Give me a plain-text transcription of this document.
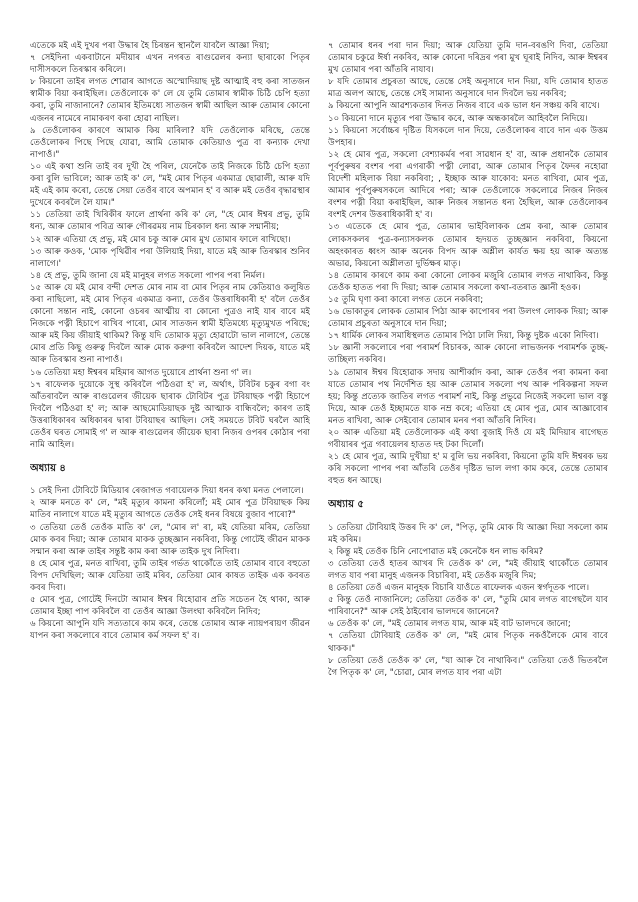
এতেকে মই এই দুখৰ পৰা উদ্ধাৰ হৈ চিৰন্তন স্থানলৈ যাবলৈ আজ্ঞা দিয়া;

৭ সেইদিনা একবাটানে মদীয়াৰ এখন নগৰত ৰাগুৱেলৰ কন্যা ছাৰাকো পিতৃৰ দাসীসকলে তিৰস্কাৰ কৰিলে।

৮ কিয়নো তাইৰ লগত শোৱাৰ আগতে অস্মোদিয়াছ দুষ্ট আত্মাই বহু কৰা সাতজন স্বামীক বিয়া কৰাইছিল। তেওঁলোকে ক' লে যে তুমি তোমাৰ স্বামীক চিঠি চেপি হত্যা কৰা, তুমি নাজানানে? তোমাৰ ইতিমধ্যে সাতজন স্বামী আছিল আৰু তোমাৰ কোনো এজনৰ নামেৰে নামাকৰণ কৰা হোৱা নাছিল।

৯ তেওঁলোকৰ কাৰণে আমাক কিয় মাৰিলা? যদি তেওঁলোক মৰিছে, তেন্তে তেওঁলোকৰ পিছে পিছে যোৱা, আমি তোমাক কেতিয়াও পুত্ৰ বা কন্যাক দেখা নাপাওঁ।"

১০ এই কথা শুনি তাই বৰ দুখী হৈ পৰিল, যেনেকৈ তাই নিজকে চিঠি চেপি হত্যা কৰা বুলি ভাবিলে; আৰু তাই ক' লে, "মই মোৰ পিতৃৰ একমাত্ৰ ছোৱালী, আৰু যদি মই এই কাম কৰো, তেন্তে সেয়া তেওঁৰ বাবে অপমান হ' ব আৰু মই তেওঁৰ বৃদ্ধাৱস্থাৰ দুখেৰে কবৰলৈ লৈ যাম।"

১১ তেতিয়া তাই খিৰিকীৰ ফালে প্ৰাৰ্থনা কৰি ক' লে, "হে মোৰ ঈশ্বৰ প্ৰভু, তুমি ধন্য, আৰু তোমাৰ পবিত্ৰ আৰু গৌৰৱময় নাম চিৰকাল ধন্য আৰু সন্মানীয়;

১২ আৰু এতিয়া হে প্ৰভু, মই মোৰ চকু আৰু মোৰ মুখ তোমাৰ ফালে ৰাখিছো।

১৩ আৰু কওক, 'মোক পৃথিৱীৰ পৰা উলিয়াই দিয়া, যাতে মই আৰু তিৰস্কাৰ শুনিব নালাগে।'

১৪ হে প্ৰভু, তুমি জানা যে মই মানুহৰ লগত সকলো পাপৰ পৰা নিৰ্মল।

১৫ আৰু যে মই মোৰ বন্দী দেশত মোৰ নাম বা মোৰ পিতৃৰ নাম কেতিয়াও কলুষিত কৰা নাছিলো, মই মোৰ পিতৃৰ একমাত্ৰ কন্যা, তেওঁৰ উত্তৰাধিকাৰী হ' বলৈ তেওঁৰ কোনো সন্তান নাই, কোনো ওচৰৰ আত্মীয় বা কোনো পুত্ৰও নাই যাৰ বাবে মই নিজকে পত্নী হিচাপে ৰাখিব পাৰো, মোৰ সাতজন স্বামী ইতিমধ্যে মৃত্যুমুখত পৰিছে; আৰু মই কিয় জীয়াই থাকিম? কিন্তু যদি তোমাক মৃত্যু হোৱাটো ভাল নালাগে, তেন্তে মোৰ প্ৰতি কিছু গুৰুত্ব দিবলৈ আৰু মোক করুণা কৰিবলৈ আদেশ দিয়ক, যাতে মই আৰু তিৰস্কাৰ শুনা নাপাওঁ।

১৬ তেতিয়া মহা ঈশ্বৰৰ মহিমাৰ আগত দুয়োৰে প্ৰাৰ্থনা শুনা গ' ল।

১৭ ৰাফেলক দুয়োকে সুস্থ কৰিবলৈ পঠিওৱা হ' ল, অৰ্থাৎ, টবিটৰ চকুৰ বগা বং আঁতৰাবলৈ আৰু ৰাগুৱেলৰ জীয়েক ছাৰাক টোবিটৰ পুত্ৰ টবিয়াছক পত্নী হিচাপে দিবলৈ পঠিওৱা হ' ল; আৰু আছমোডিয়াছক দুষ্ট আত্মাক বান্ধিবলৈ; কাৰণ তাই উত্তৰাধিকাৰৰ অধিকাৰৰ দ্বাৰা টবিয়াছৰ আছিল। সেই সময়তে টবিট ঘৰলৈ আহি তেওঁৰ ঘৰত সোমাই গ' ল আৰু ৰাগুৱেলৰ জীয়েক ছাৰা নিজৰ ওপৰৰ কোঠাৰ পৰা নামি আহিল।

অধ্যায় ৪

১ সেই দিনা টোবিটে মিডিয়াৰ ৰেজাগত গবায়েলক দিয়া ধনৰ কথা মনত পেলালে।

২ আৰু মনতে ক' লে, "মই মৃত্যুৰ কামনা কৰিলোঁ; মই মোৰ পুত্ৰ টবিয়াছক কিয় মাতিব নালাগে যাতে মই মৃত্যুৰ আগতে তেওঁক সেই ধনৰ বিষয়ে বুজাব পাৰো?"

৩ তেতিয়া তেওঁ তেওঁক মাতি ক' লে, "মোৰ ল' ৰা, মই যেতিয়া মৰিম, তেতিয়া মোক কবৰ দিয়া; আৰু তোমাৰ মাকক তুচ্ছজ্ঞান নকৰিবা, কিন্তু গোটেই জীৱন মাকক সন্মান কৰা আৰু তাইৰ সন্তুষ্ট কাম কৰা আৰু তাইক দুখ নিদিবা।

৪ হে মোৰ পুত্ৰ, মনত ৰাখিবা, তুমি তাইৰ গৰ্ভত থাকোঁতে তাই তোমাৰ বাবে বহুতো বিপদ দেখিছিল; আৰু যেতিয়া তাই মৰিব, তেতিয়া মোৰ কাষত তাইক এক কবৰত কবৰ দিবা।

৫ মোৰ পুত্ৰ, গোটেই দিনটো আমাৰ ঈশ্বৰ যিহোৱাৰ প্ৰতি সচেতন হৈ থাকা, আৰু তোমাৰ ইচ্ছা পাপ কৰিবলৈ বা তেওঁৰ আজ্ঞা উলংঘা কৰিবলৈ নিদিব;

৬ কিয়নো আপুনি যদি সত্যতাৰে কাম কৰে, তেন্তে তোমাৰ আৰু ন্যায়পৰায়ণ জীৱন যাপন কৰা সকলোৰে বাবে তোমাৰ কৰ্ম সফল হ' ব।

৭ তোমাৰ ধনৰ পৰা দান দিয়া; আৰু যেতিয়া তুমি দান-বৰঙণি দিবা, তেতিয়া তোমাৰ চকুৱে ঈৰ্ষা নকৰিব, আৰু কোনো দৰিদ্ৰৰ পৰা মুখ ঘূৰাই নিদিব, আৰু ঈশ্বৰৰ মুখ তোমাৰ পৰা আঁতৰি নাযাব।

৮ যদি তোমাৰ প্ৰচুৰতা আছে, তেন্তে সেই অনুসাৰে দান দিয়া, যদি তোমাৰ হাতত মাত্ৰ অলপ আছে, তেন্তে সেই সামান্য অনুসাৰে দান দিবলৈ ভয় নকৰিব;

৯ কিয়নো আপুনি আৱশ্যকতাৰ দিনত নিজৰ বাবে এক ভাল ধন সঞ্চয় কৰি ৰাখে।

১০ কিয়নো দানে মৃত্যুৰ পৰা উদ্ধাৰ কৰে, আৰু অন্ধকাৰলৈ আহিবলৈ নিদিয়ে।

১১ কিয়নো সৰ্বোচ্চৰ দৃষ্টিত যিসকলে দান দিয়ে, তেওঁলোকৰ বাবে দান এক উত্তম উপহাৰ।

১২ হে মোৰ পুত্ৰ, সকলো বেশ্যাকৰ্মৰ পৰা সাৱধান হ' বা, আৰু প্ৰধানকৈ তোমাৰ পূৰ্বপুৰুষৰ বংশৰ পৰা এগৰাকী পত্নী লোৱা, আৰু তোমাৰ পিতৃৰ ফৈদৰ নহোৱা বিদেশী মহিলাক বিয়া নকৰিবা; , ইচ্ছাক আৰু যাকোব: মনত ৰাখিবা, মোৰ পুত্ৰ, আমাৰ পূৰ্বপুৰুষসকলে আদিৰে পৰা; আৰু তেওঁলোকে সকলোৱে নিজৰ নিজৰ বংশৰ পত্নী বিয়া কৰাইছিল, আৰু নিজৰ সন্তানত ধন্য হৈছিল, আৰু তেওঁলোকৰ বংশই দেশৰ উত্তৰাধিকাৰী হ' ব।

১৩ এতেকে হে মোৰ পুত্ৰ, তোমাৰ ভাইবিলাকক প্ৰেম কৰা, আৰু তোমাৰ লোকসকলৰ পুত্ৰ-কন্যাসকলক তোমাৰ হৃদয়ত তুচ্ছজ্ঞান নকৰিবা, কিয়নো অহংকাৰত ধ্বংস আৰু অনেক বিপদ আৰু অশ্লীল কাৰ্যত ক্ষয় হয় আৰু অত্যন্ত অভাৱ, কিয়নো অশ্লীলতা দুৰ্ভিক্ষৰ মাতৃ।

১৪ তোমাৰ কাৰণে কাম কৰা কোনো লোকৰ মজুৰি তোমাৰ লগত নাথাকিব, কিন্তু তেওঁক হাতত পৰা দি দিয়া; আৰু তোমাৰ সকলো কথা-বতৰাত জ্ঞানী হওক।

১৫ তুমি ঘৃণা কৰা কাৰো লগত তেনে নকৰিবা;

১৬ ভোকাতুৰ লোকক তোমাৰ পিঠা আৰু কাপোৰৰ পৰা উলংগ লোকক দিয়া; আৰু তোমাৰ প্ৰচুৰতা অনুসাৰে দান দিয়া;

১৭ ধাৰ্মিক লোকৰ সমাধিস্থলত তোমাৰ পিঠা ঢালি দিয়া, কিন্তু দুষ্টক একো নিদিবা।

১৮ জ্ঞানী সকলোৰে পৰা পৰামৰ্শ বিচাৰক, আৰু কোনো লাভজনক পৰামৰ্শক তুচ্ছ-তাচ্ছিল্য নকৰিব।

১৯ তোমাৰ ঈশ্বৰ যিহোৱাক সদায় আশীৰ্ব্বাদ কৰা, আৰু তেওঁৰ পৰা কামনা কৰা যাতে তোমাৰ পথ নিৰ্দেশিত হয় আৰু তোমাৰ সকলো পথ আৰু পৰিকল্পনা সফল হয়; কিন্তু প্ৰত্যেক জাতিৰ লগত পৰামৰ্শ নাই, কিন্তু প্ৰভুৱে নিজেই সকলো ভাল বস্তু দিয়ে, আৰু তেওঁ ইচ্ছামতে যাক নম্ৰ কৰে; এতিয়া হে মোৰ পুত্ৰ, মোৰ আজ্ঞাবোৰ মনত ৰাখিবা, আৰু সেইবোৰ তোমাৰ মনৰ পৰা আঁতৰি নিদিব।

২০ আৰু এতিয়া মই তেওঁলোকক এই কথা বুজাই দিওঁ যে মই মিদিয়াৰ ৰাগেছত গবীয়াৰৰ পুত্ৰ গবায়েলৰ হাতত দহ টকা দিলোঁ।

২১ হে মোৰ পুত্ৰ, আমি দুখীয়া হ' ম বুলি ভয় নকৰিবা, কিয়নো তুমি যদি ঈশ্বৰক ভয় কৰি সকলো পাপৰ পৰা আঁতৰি তেওঁৰ দৃষ্টিত ভাল লগা কাম কৰে, তেন্তে তোমাৰ বহুত ধন আছে।

অধ্যায় ৫

১ তেতিয়া টোবিয়াই উত্তৰ দি ক' লে, "পিতৃ, তুমি মোক যি আজ্ঞা দিয়া সকলো কাম মই কৰিম।

২ কিন্তু মই তেওঁক চিনি নোপোৱাত মই কেনেকৈ ধন লাভ কৰিম?

৩ তেতিয়া তেওঁ হাতৰ আখৰ দি তেওঁক ক' লে, "মই জীয়াই থাকোঁতে তোমাৰ লগত যাব পৰা মানুহ এজনক বিচাৰিবা, মই তেওঁক মজুৰি দিম;

৪ তেতিয়া তেওঁ এজন মানুহক বিচাৰি যাওঁতে ৰাফেলক এজন স্বৰ্গদূতক পালে।

৫ কিন্তু তেওঁ নাজানিলে; তেতিয়া তেওঁক ক' লে, "তুমি মোৰ লগত ৰাগেছলৈ যাব পাৰিবানে?" আৰু সেই ঠাইবোৰ ভালদৰে জানেনে?

৬ তেওঁক ক' লে, "মই তোমাৰ লগত যাম, আৰু মই বাট ভালদৰে জানো;

৭ তেতিয়া টোবিয়াই তেওঁক ক' লে, "মই মোৰ পিতৃক নকওঁলৈকে মোৰ বাবে থাকক।"

৮ তেতিয়া তেওঁ তেওঁক ক' লে, "যা আৰু বৈ নাথাকিব।" তেতিয়া তেওঁ ভিতৰলৈ গৈ পিতৃক ক' লে, "চোৱা, মোৰ লগত যাব পৰা এটা
